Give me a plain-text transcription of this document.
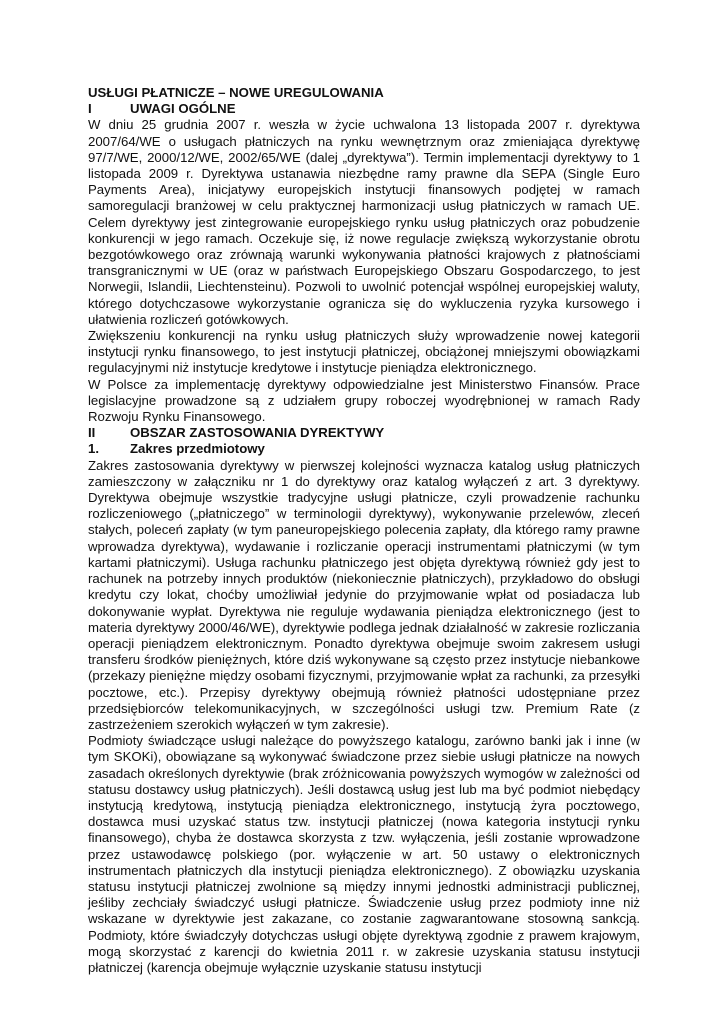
USŁUGI PŁATNICZE – NOWE UREGULOWANIA
I	UWAGI OGÓLNE

W dniu 25 grudnia 2007 r. weszła w życie uchwalona 13 listopada 2007 r. dyrektywa 2007/64/WE o usługach płatniczych na rynku wewnętrznym oraz zmieniająca dyrektywę 97/7/WE, 2000/12/WE, 2002/65/WE (dalej „dyrektywa”). Termin implementacji dyrektywy to 1 listopada 2009 r. Dyrektywa ustanawia niezbędne ramy prawne dla SEPA (Single Euro Payments Area), inicjatywy europejskich instytucji finansowych podjętej w ramach samoregulacji branżowej w celu praktycznej harmonizacji usług płatniczych w ramach UE. Celem dyrektywy jest zintegrowanie europejskiego rynku usług płatniczych oraz pobudzenie konkurencji w jego ramach. Oczekuje się, iż nowe regulacje zwiększą wykorzystanie obrotu bezgotówkowego oraz zrównają warunki wykonywania płatności krajowych z płatnościami transgranicznymi w UE (oraz w państwach Europejskiego Obszaru Gospodarczego, to jest Norwegii, Islandii, Liechtensteinu). Pozwoli to uwolnić potencjał wspólnej europejskiej waluty, którego dotychczasowe wykorzystanie ogranicza się do wykluczenia ryzyka kursowego i ułatwienia rozliczeń gotówkowych.

Zwiększeniu konkurencji na rynku usług płatniczych służy wprowadzenie nowej kategorii instytucji rynku finansowego, to jest instytucji płatniczej, obciążonej mniejszymi obowiązkami regulacyjnymi niż instytucje kredytowe i instytucje pieniądza elektronicznego.

W Polsce za implementację dyrektywy odpowiedzialne jest Ministerstwo Finansów. Prace legislacyjne prowadzone są z udziałem grupy roboczej wyodrębnionej w ramach Rady Rozwoju Rynku Finansowego.

II	OBSZAR ZASTOSOWANIA DYREKTYWY
1.	Zakres przedmiotowy

Zakres zastosowania dyrektywy w pierwszej kolejności wyznacza katalog usług płatniczych zamieszczony w załączniku nr 1 do dyrektywy oraz katalog wyłączeń z art. 3 dyrektywy. Dyrektywa obejmuje wszystkie tradycyjne usługi płatnicze, czyli prowadzenie rachunku rozliczeniowego („płatniczego” w terminologii dyrektywy), wykonywanie przelewów, zleceń stałych, poleceń zapłaty (w tym paneuropejskiego polecenia zapłaty, dla którego ramy prawne wprowadza dyrektywa), wydawanie i rozliczanie operacji instrumentami płatniczymi (w tym kartami płatniczymi). Usługa rachunku płatniczego jest objęta dyrektywą również gdy jest to rachunek na potrzeby innych produktów (niekoniecznie płatniczych), przykładowo do obsługi kredytu czy lokat, choćby umożliwiał jedynie do przyjmowanie wpłat od posiadacza lub dokonywanie wypłat. Dyrektywa nie reguluje wydawania pieniądza elektronicznego (jest to materia dyrektywy 2000/46/WE), dyrektywie podlega jednak działalność w zakresie rozliczania operacji pieniądzem elektronicznym. Ponadto dyrektywa obejmuje swoim zakresem usługi transferu środków pieniężnych, które dziś wykonywane są często przez instytucje niebankowe (przekazy pieniężne między osobami fizycznymi, przyjmowanie wpłat za rachunki, za przesyłki pocztowe, etc.). Przepisy dyrektywy obejmują również płatności udostępniane przez przedsiębiorców telekomunikacyjnych, w szczególności usługi tzw. Premium Rate (z zastrzeżeniem szerokich wyłączeń w tym zakresie).

Podmioty świadczące usługi należące do powyższego katalogu, zarówno banki jak i inne (w tym SKOKi), obowiązane są wykonywać świadczone przez siebie usługi płatnicze na nowych zasadach określonych dyrektywie (brak zróżnicowania powyższych wymogów w zależności od statusu dostawcy usług płatniczych). Jeśli dostawcą usług jest lub ma być podmiot niebędący instytucją kredytową, instytucją pieniądza elektronicznego, instytucją żyra pocztowego, dostawca musi uzyskać status tzw. instytucji płatniczej (nowa kategoria instytucji rynku finansowego), chyba że dostawca skorzysta z tzw. wyłączenia, jeśli zostanie wprowadzone przez ustawodawcę polskiego (por. wyłączenie w art. 50 ustawy o elektronicznych instrumentach płatniczych dla instytucji pieniądza elektronicznego). Z obowiązku uzyskania statusu instytucji płatniczej zwolnione są między innymi jednostki administracji publicznej, jeśliby zechciały świadczyć usługi płatnicze. Świadczenie usług przez podmioty inne niż wskazane w dyrektywie jest zakazane, co zostanie zagwarantowane stosowną sankcją. Podmioty, które świadczyły dotychczas usługi objęte dyrektywą zgodnie z prawem krajowym, mogą skorzystać z karencji do kwietnia 2011 r. w zakresie uzyskania statusu instytucji płatniczej (karencja obejmuje wyłącznie uzyskanie statusu instytucji
